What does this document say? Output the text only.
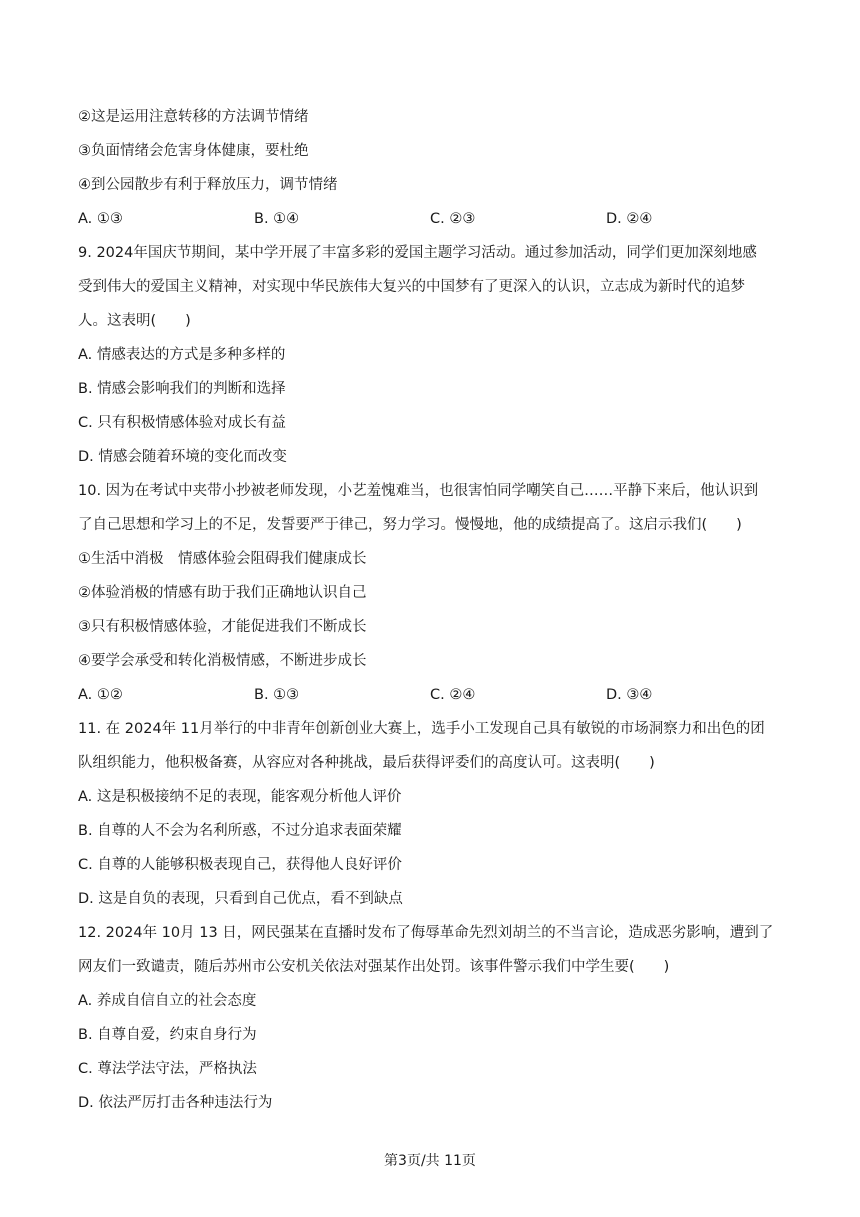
②这是运用注意转移的方法调节情绪
③负面情绪会危害身体健康，要杜绝
④到公园散步有利于释放压力，调节情绪
A. ①③	B. ①④	C. ②③	D. ②④
9. 2024年国庆节期间，某中学开展了丰富多彩的爱国主题学习活动。通过参加活动，同学们更加深刻地感
受到伟大的爱国主义精神，对实现中华民族伟大复兴的中国梦有了更深入的认识，立志成为新时代的追梦
人。这表明(　　)
A. 情感表达的方式是多种多样的
B. 情感会影响我们的判断和选择
C. 只有积极情感体验对成长有益
D. 情感会随着环境的变化而改变
10. 因为在考试中夹带小抄被老师发现，小艺羞愧难当，也很害怕同学嘲笑自己……平静下来后，他认识到
了自己思想和学习上的不足，发誓要严于律己，努力学习。慢慢地，他的成绩提高了。这启示我们(　　)
①生活中消极　情感体验会阻碍我们健康成长
②体验消极的情感有助于我们正确地认识自己
③只有积极情感体验，才能促进我们不断成长
④要学会承受和转化消极情感，不断进步成长
A. ①②	B. ①③	C. ②④	D. ③④
11. 在 2024年 11月举行的中非青年创新创业大赛上，选手小工发现自己具有敏锐的市场洞察力和出色的团
队组织能力，他积极备赛，从容应对各种挑战，最后获得评委们的高度认可。这表明(　　)
A. 这是积极接纳不足的表现，能客观分析他人评价
B. 自尊的人不会为名利所惑，不过分追求表面荣耀
C. 自尊的人能够积极表现自己，获得他人良好评价
D. 这是自负的表现，只看到自己优点，看不到缺点
12. 2024年 10月 13 日，网民强某在直播时发布了侮辱革命先烈刘胡兰的不当言论，造成恶劣影响，遭到了
网友们一致谴责，随后苏州市公安机关依法对强某作出处罚。该事件警示我们中学生要(　　)
A. 养成自信自立的社会态度
B. 自尊自爱，约束自身行为
C. 尊法学法守法，严格执法
D. 依法严厉打击各种违法行为
第3页/共 11页
